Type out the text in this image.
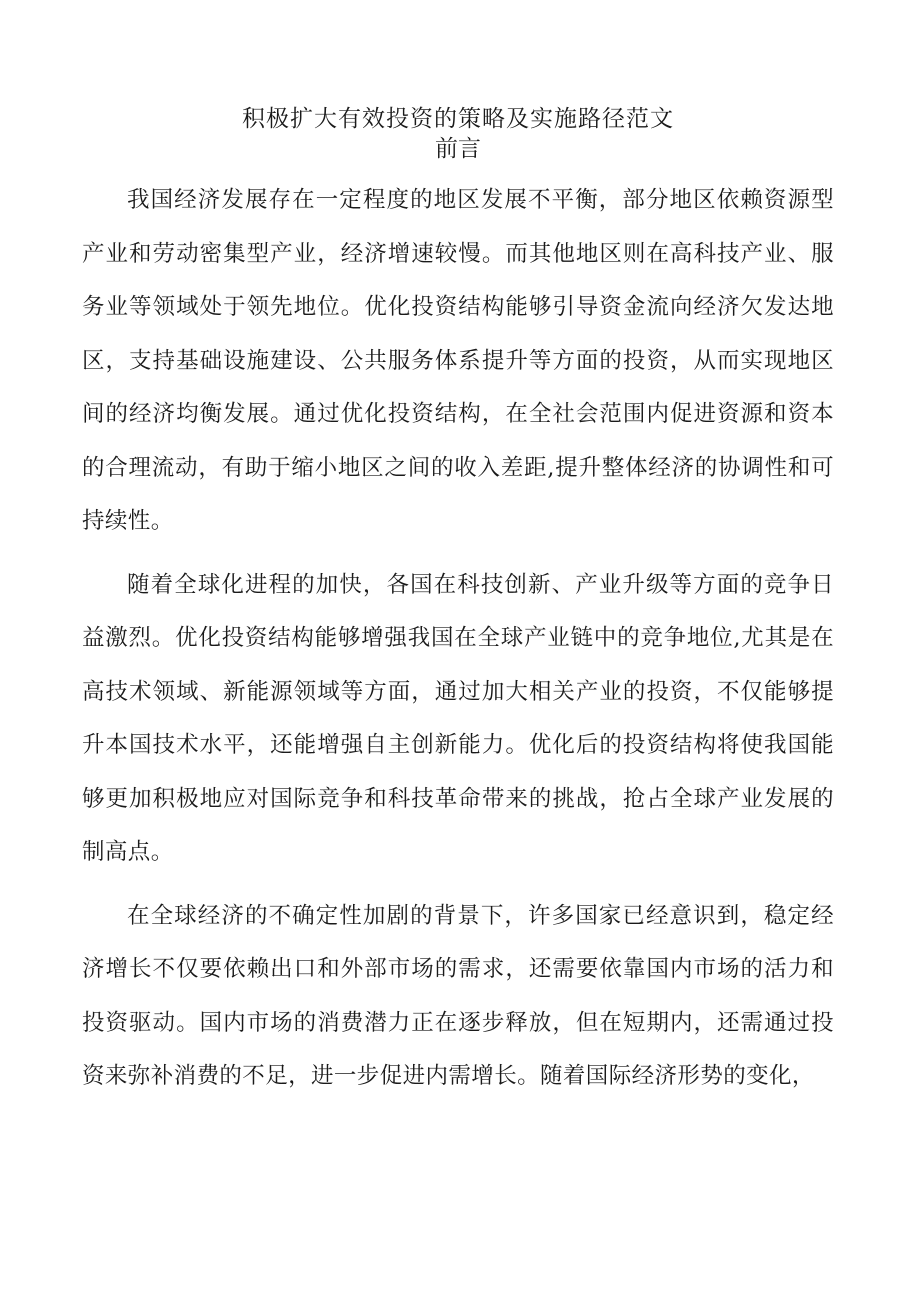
积极扩大有效投资的策略及实施路径范文
前言

我国经济发展存在一定程度的地区发展不平衡，部分地区依赖资源型产业和劳动密集型产业，经济增速较慢。而其他地区则在高科技产业、服务业等领域处于领先地位。优化投资结构能够引导资金流向经济欠发达地区，支持基础设施建设、公共服务体系提升等方面的投资，从而实现地区间的经济均衡发展。通过优化投资结构，在全社会范围内促进资源和资本的合理流动，有助于缩小地区之间的收入差距,提升整体经济的协调性和可持续性。

随着全球化进程的加快，各国在科技创新、产业升级等方面的竞争日益激烈。优化投资结构能够增强我国在全球产业链中的竞争地位,尤其是在高技术领域、新能源领域等方面，通过加大相关产业的投资，不仅能够提升本国技术水平，还能增强自主创新能力。优化后的投资结构将使我国能够更加积极地应对国际竞争和科技革命带来的挑战，抢占全球产业发展的制高点。

在全球经济的不确定性加剧的背景下，许多国家已经意识到，稳定经济增长不仅要依赖出口和外部市场的需求，还需要依靠国内市场的活力和投资驱动。国内市场的消费潜力正在逐步释放，但在短期内，还需通过投资来弥补消费的不足，进一步促进内需增长。随着国际经济形势的变化，
